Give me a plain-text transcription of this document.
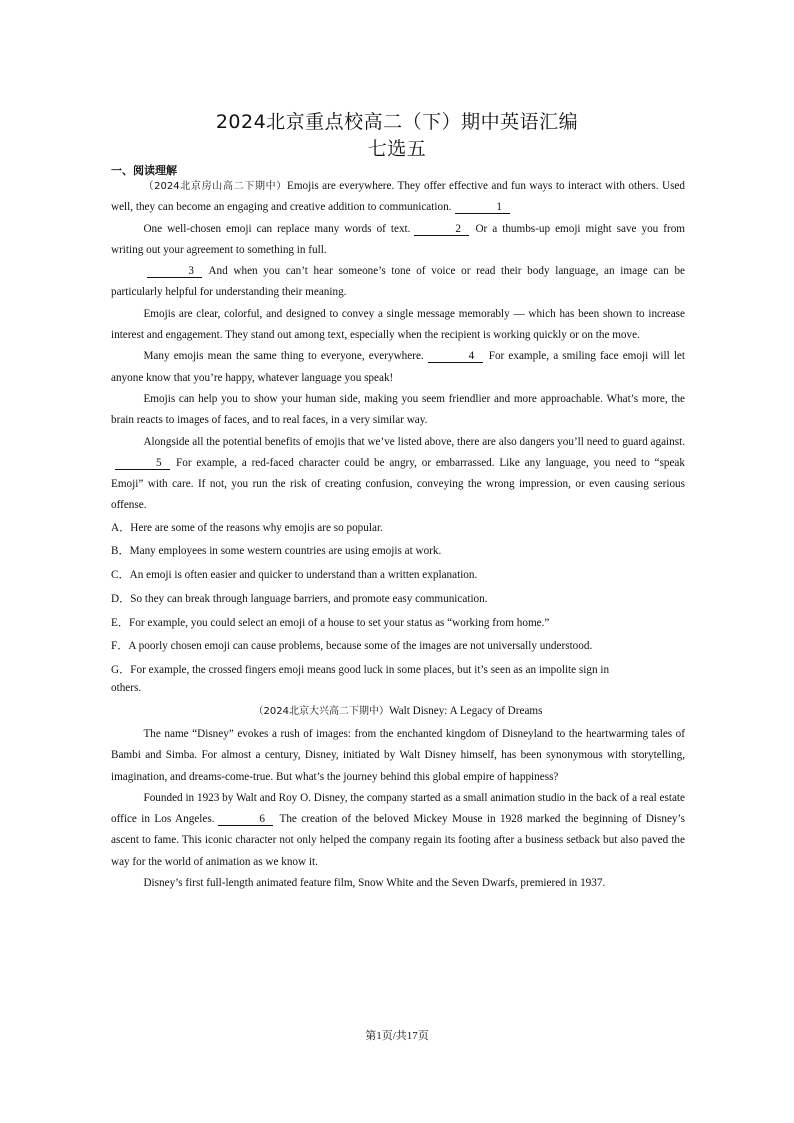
2024北京重点校高二（下）期中英语汇编
七选五
一、阅读理解

（2024北京房山高二下期中）Emojis are everywhere. They offer effective and fun ways to interact with others. Used well, they can become an engaging and creative addition to communication.	1

One well-chosen emoji can replace many words of text.	2 Or a thumbs-up emoji might save you from writing out your agreement to something in full.

3 And when you can’t hear someone’s tone of voice or read their body language, an image can be particularly helpful for understanding their meaning.

Emojis are clear, colorful, and designed to convey a single message memorably — which has been shown to increase interest and engagement. They stand out among text, especially when the recipient is working quickly or on the move.

Many emojis mean the same thing to everyone, everywhere.	4 For example, a smiling face emoji will let anyone know that you’re happy, whatever language you speak!

Emojis can help you to show your human side, making you seem friendlier and more approachable. What’s more, the brain reacts to images of faces, and to real faces, in a very similar way.

Alongside all the potential benefits of emojis that we’ve listed above, there are also dangers you’ll need to guard against.5 For example, a red-faced character could be angry, or embarrassed. Like any language, you need to “speak Emoji” with care. If not, you run the risk of creating confusion, conveying the wrong impression, or even causing serious offense.

A．Here are some of the reasons why emojis are so popular.

B．Many employees in some western countries are using emojis at work.

C．An emoji is often easier and quicker to understand than a written explanation.

D．So they can break through language barriers, and promote easy communication.

E．For example, you could select an emoji of a house to set your status as “working from home.”

F．A poorly chosen emoji can cause problems, because some of the images are not universally understood.

G．For example, the crossed fingers emoji means good luck in some places, but it’s seen as an impolite sign in

others.

（2024北京大兴高二下期中）Walt Disney: A Legacy of Dreams

The name “Disney” evokes a rush of images: from the enchanted kingdom of Disneyland to the heartwarming tales of Bambi and Simba. For almost a century, Disney, initiated by Walt Disney himself, has been synonymous with storytelling, imagination, and dreams-come-true. But what’s the journey behind this global empire of happiness?

Founded in 1923 by Walt and Roy O. Disney, the company started as a small animation studio in the back of a real estate office in Los Angeles.	6 The creation of the beloved Mickey Mouse in 1928 marked the beginning of Disney’s ascent to fame. This iconic character not only helped the company regain its footing after a business setback but also paved the way for the world of animation as we know it.

Disney’s first full-length animated feature film, Snow White and the Seven Dwarfs, premiered in 1937.

第1页/共17页
